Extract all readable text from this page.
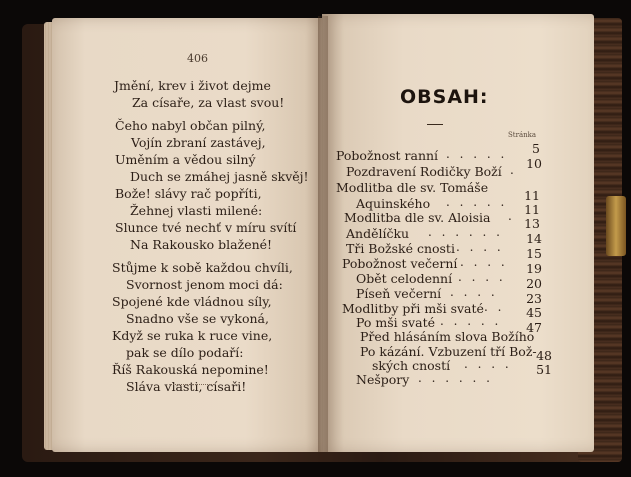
406
Jmění, krev i život dejme
Za císaře, za vlast svou!
Čeho nabyl občan pilný,
Vojín zbraní zastávej,
Uměním a vědou silný
Duch se zmáhej jasně skvěj!
Bože! slávy rač popříti,
Žehnej vlasti milené:
Slunce tvé nechť v míru svítí
Na Rakousko blažené!
Stůjme k sobě každou chvíli,
Svornost jenom moci dá:
Spojené kde vládnou síly,
Snadno vše se vykoná,
Když se ruka k ruce vine,
pak se dílo podaří:
Říš Rakouská nepomine!
Sláva vlasti, císaři!
OBSAH:
Stránka
Pobožnost ranní . . . . .	5
Pozdravení Rodičky Boží . 10
Modlitba dle sv. Tomáše
Aquinského . . . . .	11
Modlitba dle sv. Aloisia . 11
Andělíčku . . . . . .
13
Tři Božské cnosti . . . .
14
Pobožnost večerní . . . .
15
Obět celodenní . . . .
19
Píseň večerní . . . .
20
Modlitby při mši svaté . .
23
Po mši svaté . . . . .
45
Před hlásáním slova Božího
47
Po kázání. Vzbuzení tří Bož-
ských cností . . . .
48
Nešpory . . . . . .
51
